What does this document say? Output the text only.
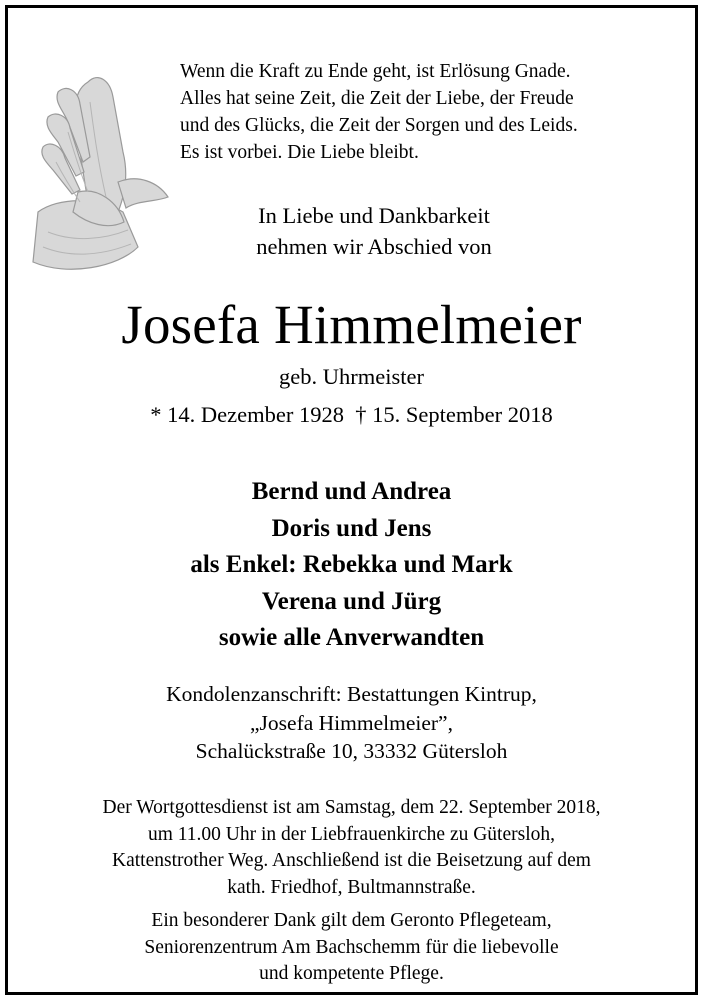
Wenn die Kraft zu Ende geht, ist Erlösung Gnade.
Alles hat seine Zeit, die Zeit der Liebe, der Freude
und des Glücks, die Zeit der Sorgen und des Leids.
Es ist vorbei. Die Liebe bleibt.
In Liebe und Dankbarkeit
nehmen wir Abschied von
Josefa Himmelmeier
geb. Uhrmeister
* 14. Dezember 1928  † 15. September 2018
Bernd und Andrea
Doris und Jens
als Enkel: Rebekka und Mark
Verena und Jürg
sowie alle Anverwandten
Kondolenzanschrift: Bestattungen Kintrup,
„Josefa Himmelmeier”,
Schalückstraße 10, 33332 Gütersloh
Der Wortgottesdienst ist am Samstag, dem 22. September 2018,
um 11.00 Uhr in der Liebfrauenkirche zu Gütersloh,
Kattenstrother Weg. Anschließend ist die Beisetzung auf dem
kath. Friedhof, Bultmannstraße.
Ein besonderer Dank gilt dem Geronto Pflegeteam,
Seniorenzentrum Am Bachschemm für die liebevolle
und kompetente Pflege.
